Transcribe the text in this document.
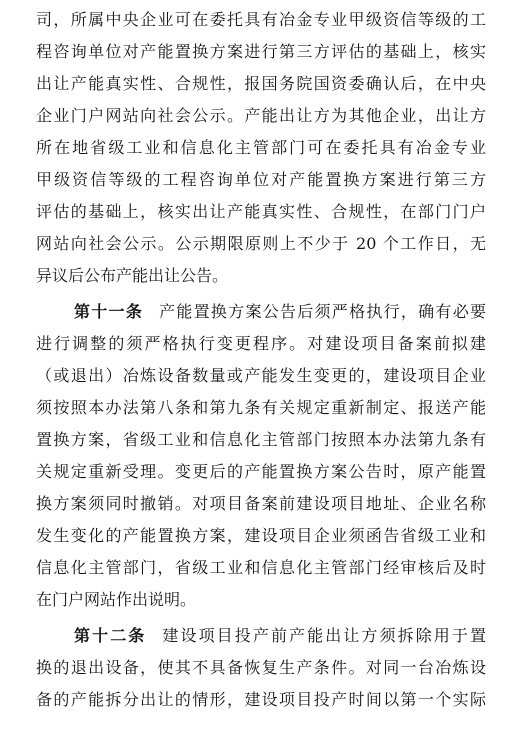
司，所属中央企业可在委托具有冶金专业甲级资信等级的工
程咨询单位对产能置换方案进行第三方评估的基础上，核实
出让产能真实性、合规性，报国务院国资委确认后，在中央
企业门户网站向社会公示。产能出让方为其他企业，出让方
所在地省级工业和信息化主管部门可在委托具有冶金专业
甲级资信等级的工程咨询单位对产能置换方案进行第三方
评估的基础上，核实出让产能真实性、合规性，在部门门户
网站向社会公示。公示期限原则上不少于 20 个工作日，无
异议后公布产能出让公告。
第十一条 产能置换方案公告后须严格执行，确有必要
进行调整的须严格执行变更程序。对建设项目备案前拟建
（或退出）冶炼设备数量或产能发生变更的，建设项目企业
须按照本办法第八条和第九条有关规定重新制定、报送产能
置换方案，省级工业和信息化主管部门按照本办法第九条有
关规定重新受理。变更后的产能置换方案公告时，原产能置
换方案须同时撤销。对项目备案前建设项目地址、企业名称
发生变化的产能置换方案，建设项目企业须函告省级工业和
信息化主管部门，省级工业和信息化主管部门经审核后及时
在门户网站作出说明。
第十二条 建设项目投产前产能出让方须拆除用于置
换的退出设备，使其不具备恢复生产条件。对同一台冶炼设
备的产能拆分出让的情形，建设项目投产时间以第一个实际
